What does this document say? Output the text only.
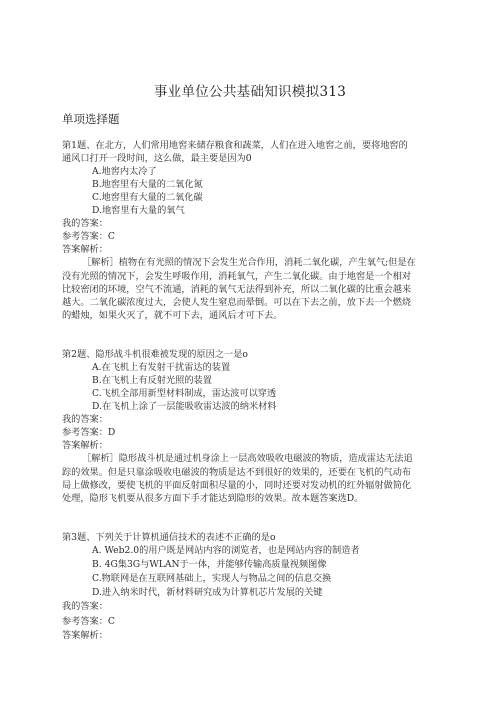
事业单位公共基础知识模拟313
单项选择题
第1题、在北方，人们常用地窖来储存粮食和蔬菜，人们在进入地窖之前，要将地窖的
通风口打开一段时间，这么做，最主要是因为0
A.地窖内太冷了
B.地窖里有大量的二氧化氮
C.地窖里有大量的二氧化碳
D.地窖里有大量的氧气
我的答案：
参考答案：C
答案解析：
［解析］植物在有光照的情况下会发生光合作用，消耗二氧化碳，产生氧气;但是在
没有光照的情况下，会发生呼吸作用，消耗氧气，产生二氧化碳。由于地窖是一个相对
比较密闭的环境，空气不流通，消耗的氧气无法得到补充，所以二氧化碳的比重会越来
越大。二氧化碳浓度过大，会使人发生窒息而晕倒。可以在下去之前，放下去一个燃烧
的蜡烛，如果火灭了，就不可下去，通风后才可下去。
第2题、隐形战斗机很难被发现的原因之一是o
A.在飞机上有发射干扰雷达的装置
B.在飞机上有反射光照的装置
C.飞机全部用新型材料制成，雷达波可以穿透
D.在飞机上涂了一层能吸收雷达波的纳米材料
我的答案：
参考答案：D
答案解析：
［解析］隐形战斗机是通过机身涂上一层高效吸收电磁波的物质，造成雷达无法追
踪的效果。但是只靠涂吸收电磁波的物质是达不到很好的效果的，还要在飞机的气动布
局上做修改，要使飞机的平面反射面积尽量的小，同时还要对发动机的红外辐射做简化
处理，隐形飞机要从很多方面下手才能达到隐形的效果。故本题答案选D。
第3题、下列关于计算机通信技术的表述不正确的是o
A. Web2.0的用户既是网站内容的浏览者，也是网站内容的制造者
B. 4G集3G与WLAN于一体，并能够传输高质量视频图像
C.物联网是在互联网基础上，实现人与物品之间的信息交换
D.进入纳米时代，新材料研究成为计算机芯片发展的关键
我的答案：
参考答案：C
答案解析：
